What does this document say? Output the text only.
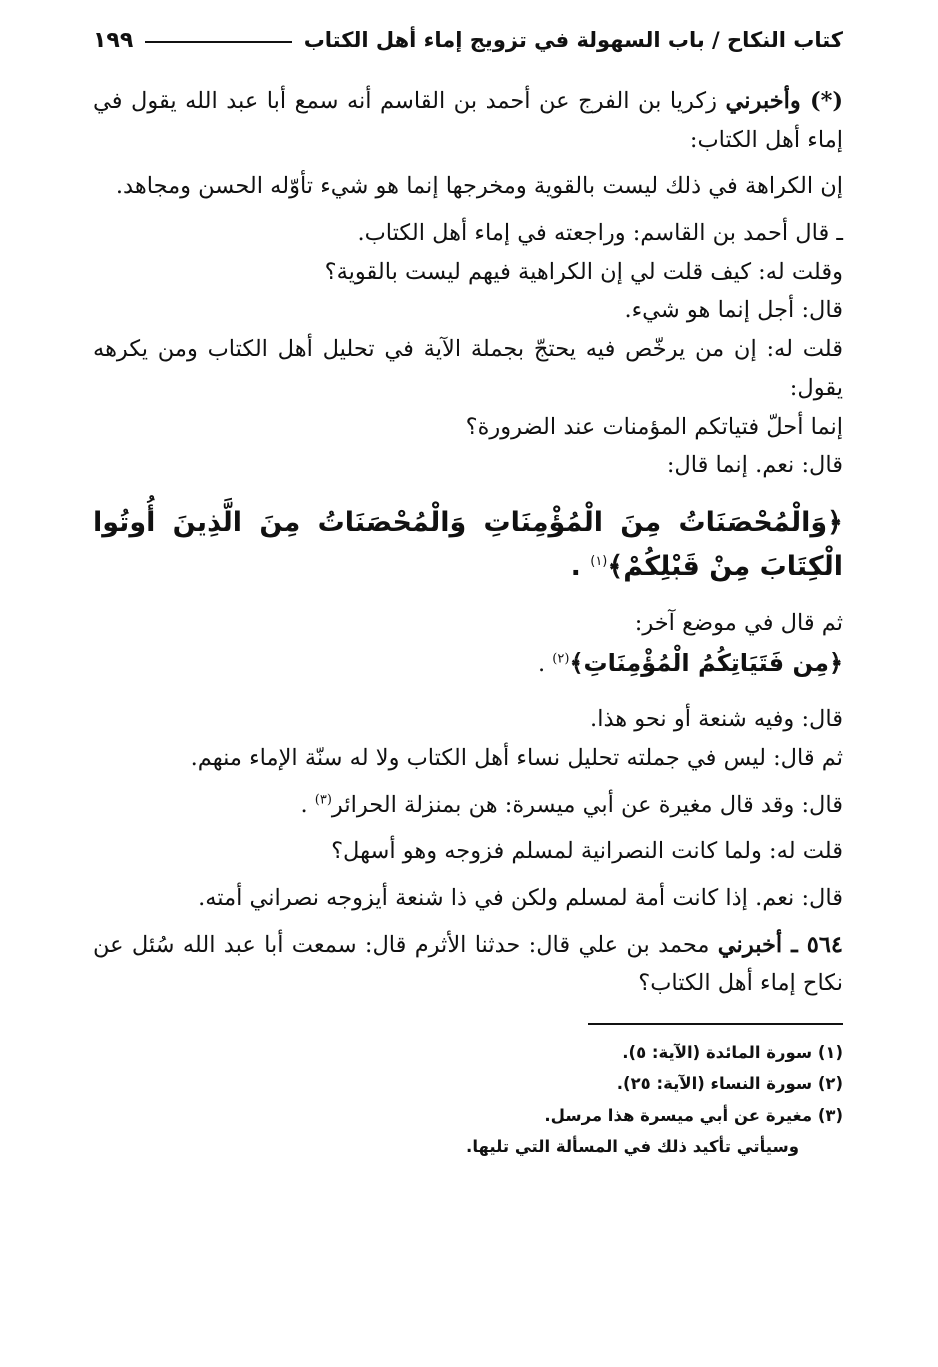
كتاب النكاح / باب السهولة في تزويج إماء أهل الكتاب
١٩٩

(*) وأخبرني زكريا بن الفرج عن أحمد بن القاسم أنه سمع أبا عبد الله يقول في إماء أهل الكتاب:

إن الكراهة في ذلك ليست بالقوية ومخرجها إنما هو شيء تأوّله الحسن ومجاهد.

ـ قال أحمد بن القاسم: وراجعته في إماء أهل الكتاب.

وقلت له: كيف قلت لي إن الكراهية فيهم ليست بالقوية؟

قال: أجل إنما هو شيء.

قلت له: إن من يرخّص فيه يحتجّ بجملة الآية في تحليل أهل الكتاب ومن يكرهه يقول:

إنما أحلّ فتياتكم المؤمنات عند الضرورة؟

قال: نعم. إنما قال:

﴿وَالْمُحْصَنَاتُ مِنَ الْمُؤْمِنَاتِ وَالْمُحْصَنَاتُ مِنَ الَّذِينَ أُوتُوا الْكِتَابَ مِنْ قَبْلِكُمْ﴾$^{(١)}$ .

ثم قال في موضع آخر:

﴿مِن فَتَيَاتِكُمُ الْمُؤْمِنَاتِ﴾$^{(٢)}$ .

قال: وفيه شنعة أو نحو هذا.

ثم قال: ليس في جملته تحليل نساء أهل الكتاب ولا له سنّة الإماء منهم.

قال: وقد قال مغيرة عن أبي ميسرة: هن بمنزلة الحرائر$^{(٣)}$ .

قلت له: ولما كانت النصرانية لمسلم فزوجه وهو أسهل؟

قال: نعم. إذا كانت أمة لمسلم ولكن في ذا شنعة أيزوجه نصراني أمته.

٥٦٤ ـ أخبرني محمد بن علي قال: حدثنا الأثرم قال: سمعت أبا عبد الله سُئل عن نكاح إماء أهل الكتاب؟

(١) سورة المائدة (الآية: ٥).
(٢) سورة النساء (الآية: ٢٥).
(٣) مغيرة عن أبي ميسرة هذا مرسل.
وسيأتي تأكيد ذلك في المسألة التي تليها.
